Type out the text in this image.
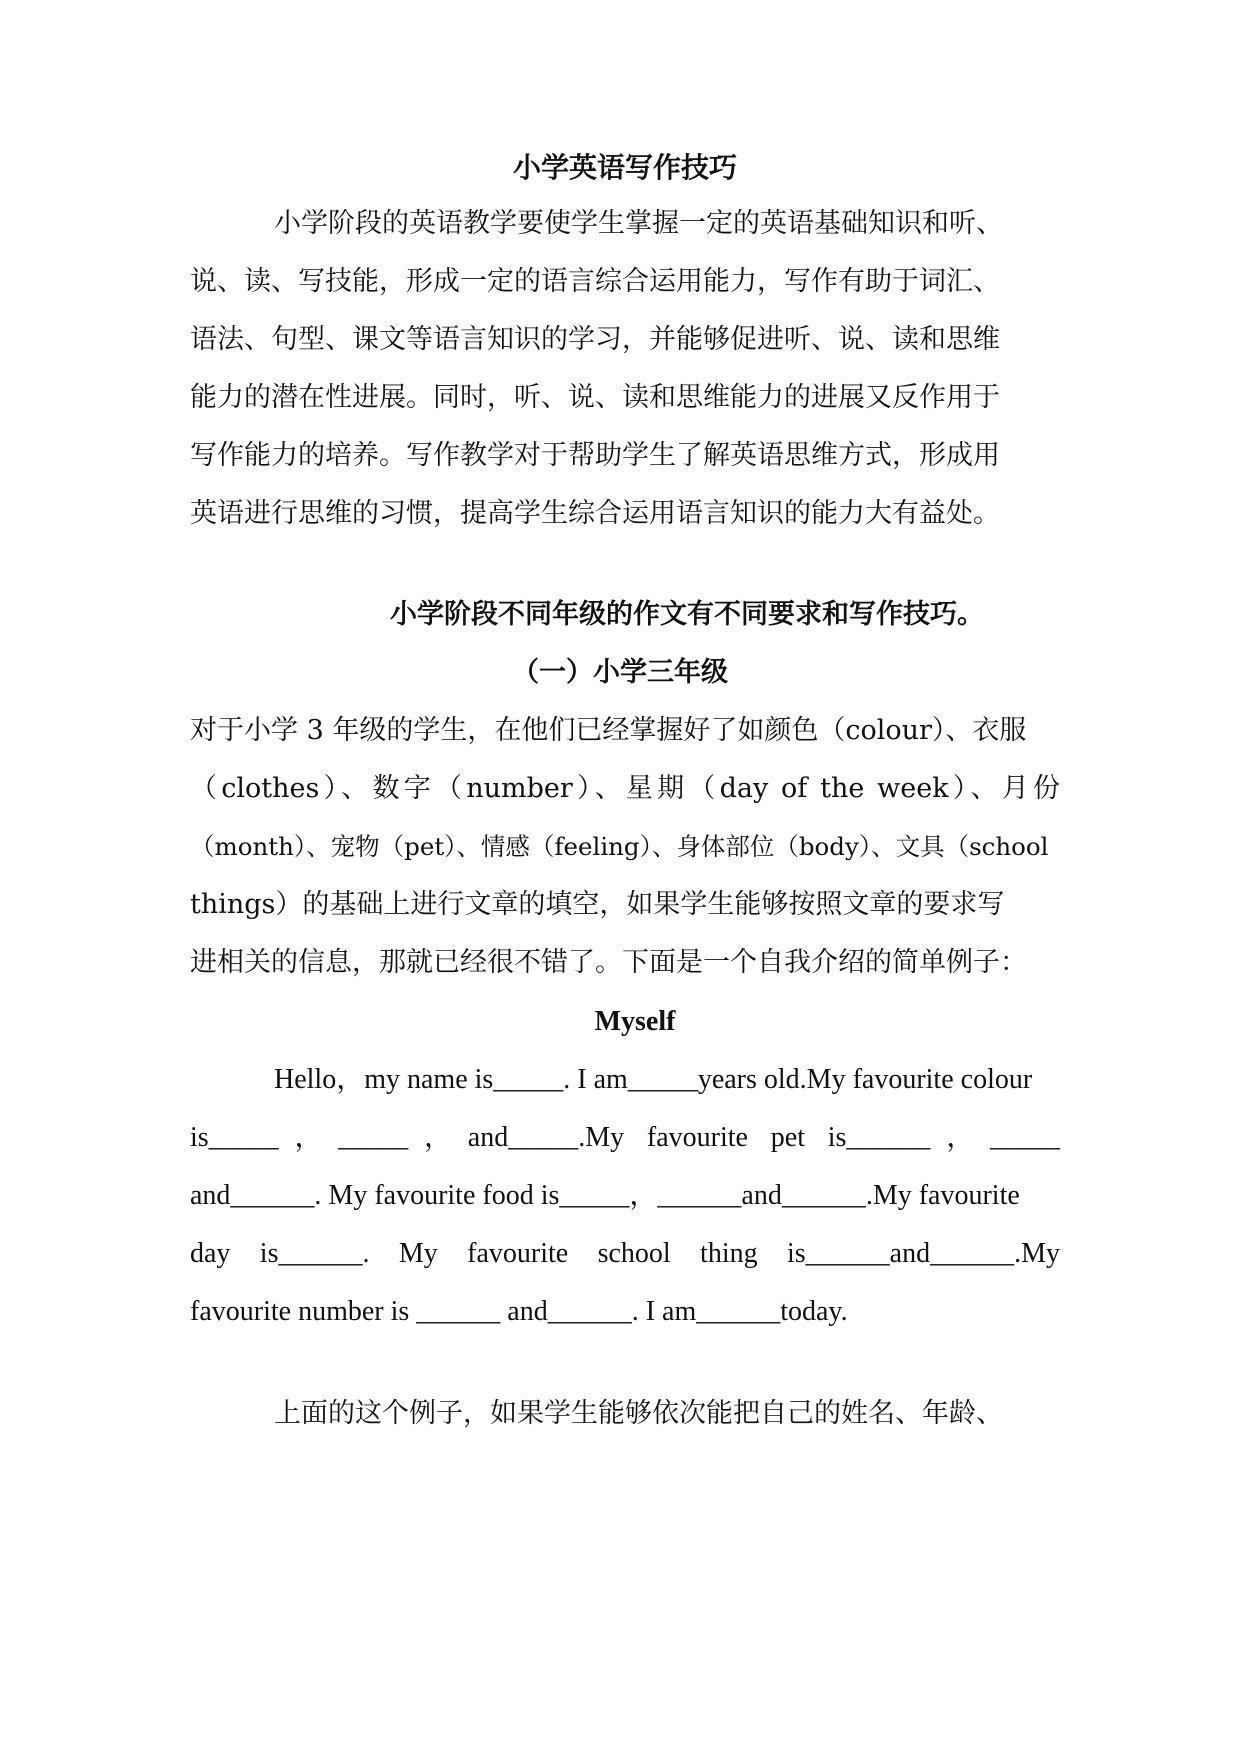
小学英语写作技巧
小学阶段的英语教学要使学生掌握一定的英语基础知识和听、
说、读、写技能，形成一定的语言综合运用能力，写作有助于词汇、
语法、句型、课文等语言知识的学习，并能够促进听、说、读和思维
能力的潜在性进展。同时，听、说、读和思维能力的进展又反作用于
写作能力的培养。写作教学对于帮助学生了解英语思维方式，形成用
英语进行思维的习惯，提高学生综合运用语言知识的能力大有益处。
小学阶段不同年级的作文有不同要求和写作技巧。
（一）小学三年级
对于小学 3 年级的学生，在他们已经掌握好了如颜色（colour）、衣服
（clothes）、数字（number）、星期（day of the week）、月份
（month）、宠物（pet）、情感（feeling）、身体部位（body）、文具（school
things）的基础上进行文章的填空，如果学生能够按照文章的要求写
进相关的信息，那就已经很不错了。下面是一个自我介绍的简单例子：
Myself
Hello，my name is_____. I am_____years old.My favourite colour
is_____，_____，and_____.My favourite pet is______，_____
and______. My favourite food is_____，______and______.My favourite
day is______. My favourite school thing is______and______.My
favourite number is ______ and______. I am______today.
上面的这个例子，如果学生能够依次能把自己的姓名、年龄、
